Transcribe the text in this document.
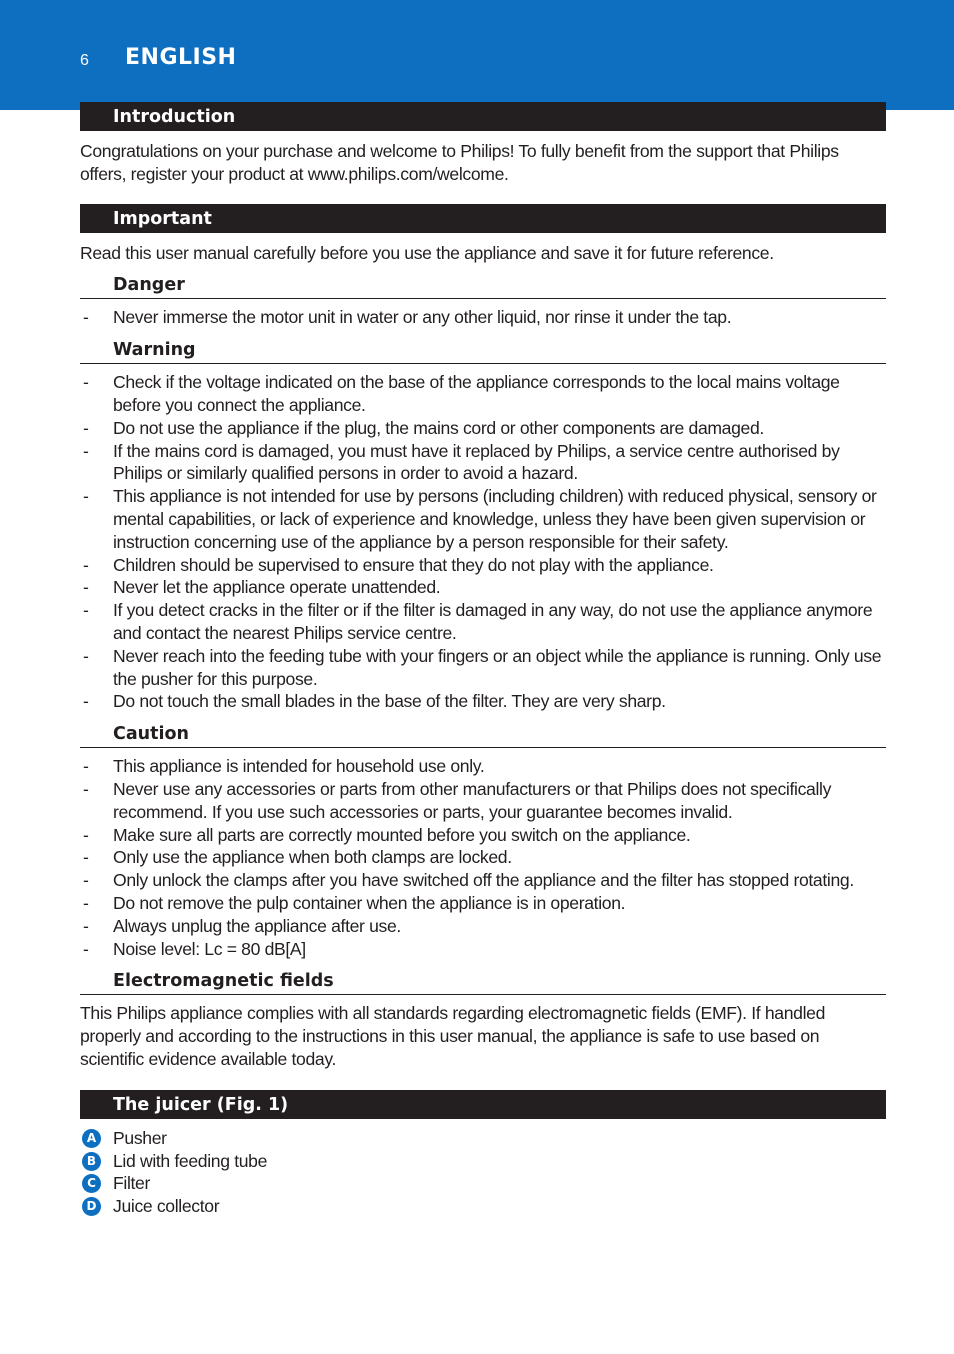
6 ENGLISH
Introduction

Congratulations on your purchase and welcome to Philips! To fully benefit from the support that Philips offers, register your product at www.philips.com/welcome.

Important

Read this user manual carefully before you use the appliance and save it for future reference.

Danger
- Never immerse the motor unit in water or any other liquid, nor rinse it under the tap.
Warning
- Check if the voltage indicated on the base of the appliance corresponds to the local mains voltage before you connect the appliance.
- Do not use the appliance if the plug, the mains cord or other components are damaged.
- If the mains cord is damaged, you must have it replaced by Philips, a service centre authorised by Philips or similarly qualified persons in order to avoid a hazard.
- This appliance is not intended for use by persons (including children) with reduced physical, sensory or mental capabilities, or lack of experience and knowledge, unless they have been given supervision or instruction concerning use of the appliance by a person responsible for their safety.
- Children should be supervised to ensure that they do not play with the appliance.
- Never let the appliance operate unattended.
- If you detect cracks in the filter or if the filter is damaged in any way, do not use the appliance anymore and contact the nearest Philips service centre.
- Never reach into the feeding tube with your fingers or an object while the appliance is running. Only use the pusher for this purpose.
- Do not touch the small blades in the base of the filter. They are very sharp.
Caution
- This appliance is intended for household use only.
- Never use any accessories or parts from other manufacturers or that Philips does not specifically recommend. If you use such accessories or parts, your guarantee becomes invalid.
- Make sure all parts are correctly mounted before you switch on the appliance.
- Only use the appliance when both clamps are locked.
- Only unlock the clamps after you have switched off the appliance and the filter has stopped rotating.
- Do not remove the pulp container when the appliance is in operation.
- Always unplug the appliance after use.
- Noise level: Lc = 80 dB[A]
Electromagnetic fields

This Philips appliance complies with all standards regarding electromagnetic fields (EMF). If handled properly and according to the instructions in this user manual, the appliance is safe to use based on scientific evidence available today.

The juicer (Fig. 1)
A Pusher
B Lid with feeding tube
C Filter
D Juice collector
